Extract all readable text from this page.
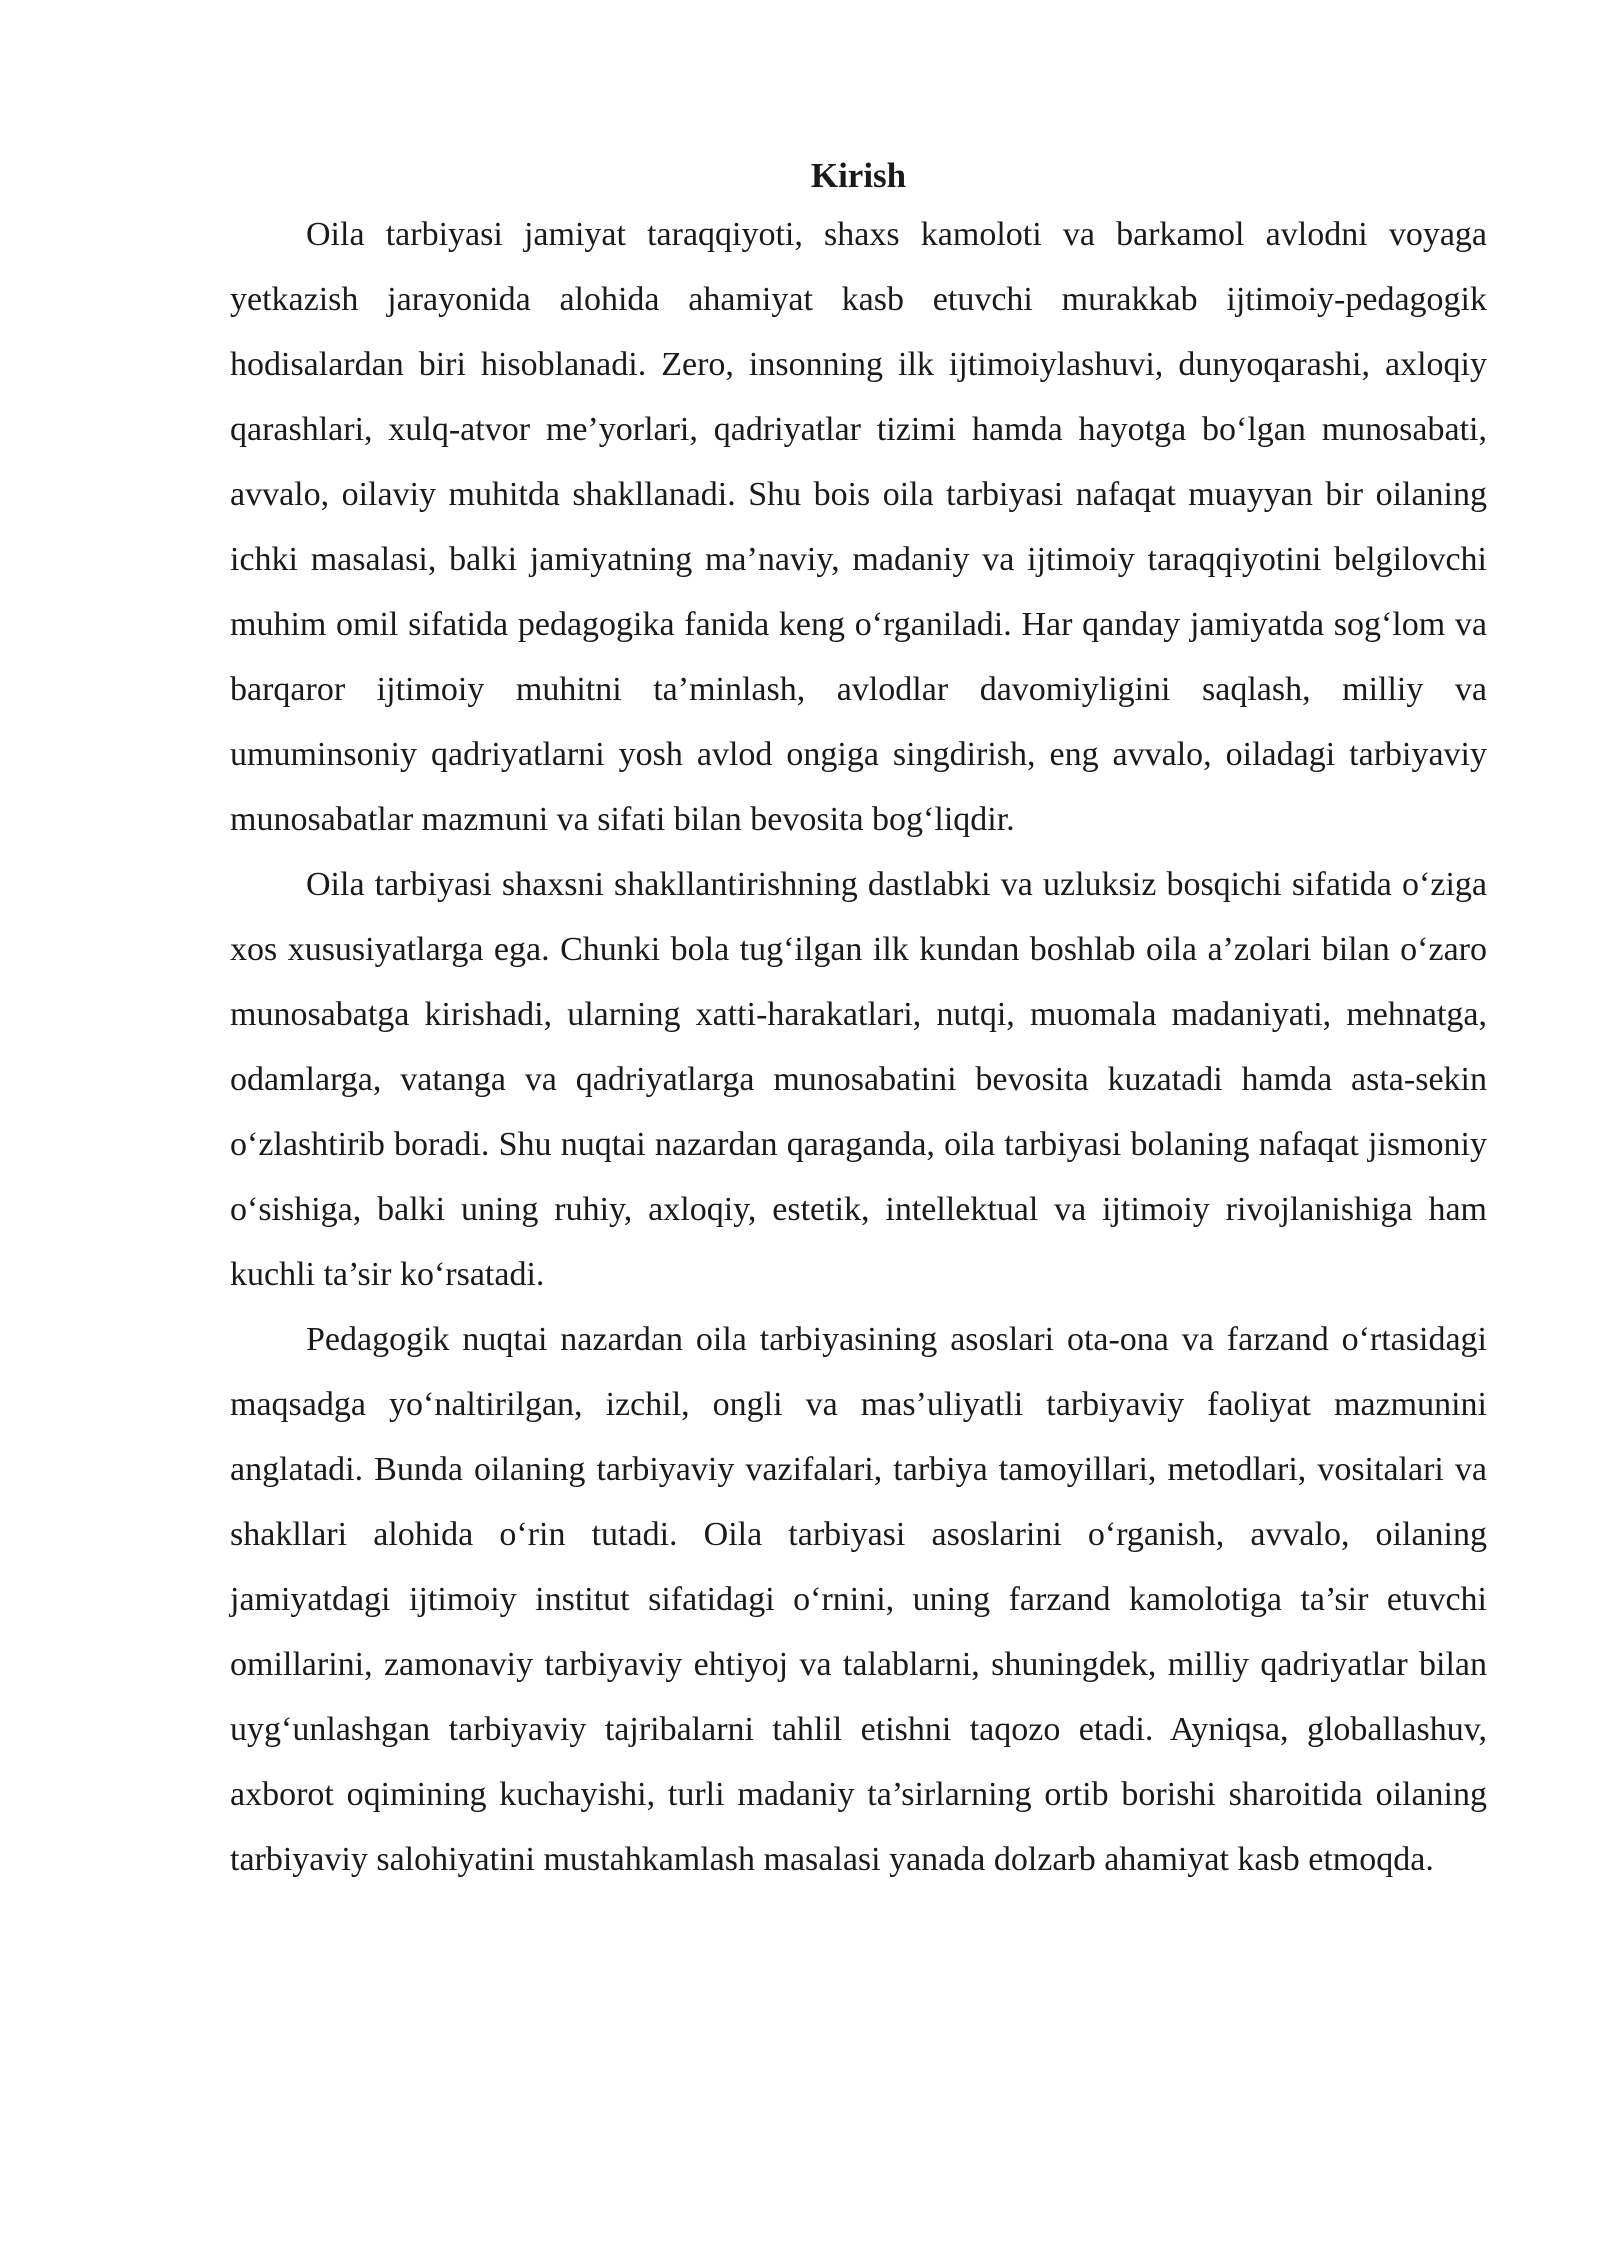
Kirish

Oila tarbiyasi jamiyat taraqqiyoti, shaxs kamoloti va barkamol avlodni voyaga yetkazish jarayonida alohida ahamiyat kasb etuvchi murakkab ijtimoiy-pedagogik hodisalardan biri hisoblanadi. Zero, insonning ilk ijtimoiylashuvi, dunyoqarashi, axloqiy qarashlari, xulq-atvor me’yorlari, qadriyatlar tizimi hamda hayotga bo‘lgan munosabati, avvalo, oilaviy muhitda shakllanadi. Shu bois oila tarbiyasi nafaqat muayyan bir oilaning ichki masalasi, balki jamiyatning ma’naviy, madaniy va ijtimoiy taraqqiyotini belgilovchi muhim omil sifatida pedagogika fanida keng o‘rganiladi. Har qanday jamiyatda sog‘lom va barqaror ijtimoiy muhitni ta’minlash, avlodlar davomiyligini saqlash, milliy va umuminsoniy qadriyatlarni yosh avlod ongiga singdirish, eng avvalo, oiladagi tarbiyaviy munosabatlar mazmuni va sifati bilan bevosita bog‘liqdir.

Oila tarbiyasi shaxsni shakllantirishning dastlabki va uzluksiz bosqichi sifatida o‘ziga xos xususiyatlarga ega. Chunki bola tug‘ilgan ilk kundan boshlab oila a’zolari bilan o‘zaro munosabatga kirishadi, ularning xatti-harakatlari, nutqi, muomala madaniyati, mehnatga, odamlarga, vatanga va qadriyatlarga munosabatini bevosita kuzatadi hamda asta-sekin o‘zlashtirib boradi. Shu nuqtai nazardan qaraganda, oila tarbiyasi bolaning nafaqat jismoniy o‘sishiga, balki uning ruhiy, axloqiy, estetik, intellektual va ijtimoiy rivojlanishiga ham kuchli ta’sir ko‘rsatadi.

Pedagogik nuqtai nazardan oila tarbiyasining asoslari ota-ona va farzand o‘rtasidagi maqsadga yo‘naltirilgan, izchil, ongli va mas’uliyatli tarbiyaviy faoliyat mazmunini anglatadi. Bunda oilaning tarbiyaviy vazifalari, tarbiya tamoyillari, metodlari, vositalari va shakllari alohida o‘rin tutadi. Oila tarbiyasi asoslarini o‘rganish, avvalo, oilaning jamiyatdagi ijtimoiy institut sifatidagi o‘rnini, uning farzand kamolotiga ta’sir etuvchi omillarini, zamonaviy tarbiyaviy ehtiyoj va talablarni, shuningdek, milliy qadriyatlar bilan uyg‘unlashgan tarbiyaviy tajribalarni tahlil etishni taqozo etadi. Ayniqsa, globallashuv, axborot oqimining kuchayishi, turli madaniy ta’sirlarning ortib borishi sharoitida oilaning tarbiyaviy salohiyatini mustahkamlash masalasi yanada dolzarb ahamiyat kasb etmoqda.
